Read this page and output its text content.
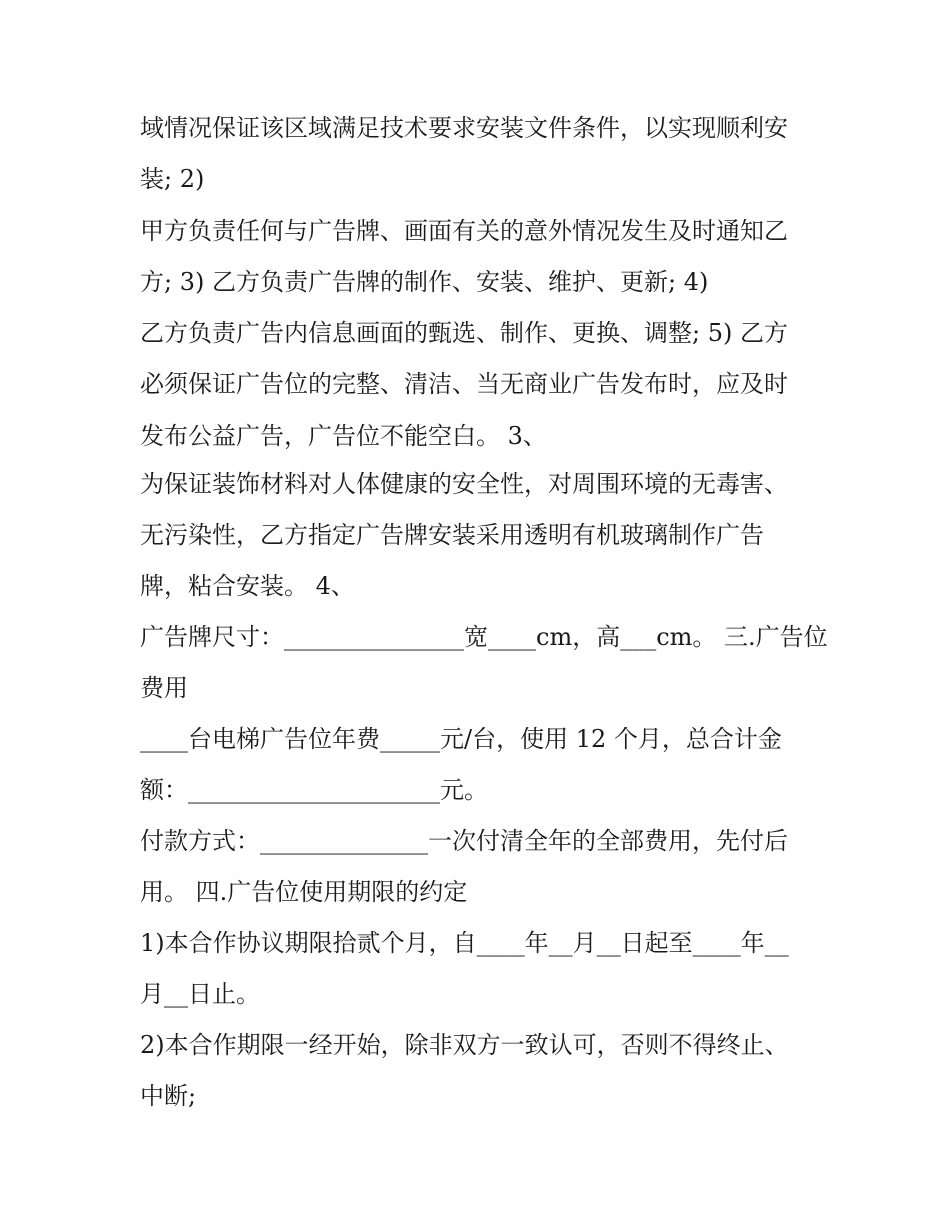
域情况保证该区域满足技术要求安装文件条件，以实现顺利安
装; 2)
甲方负责任何与广告牌、画面有关的意外情况发生及时通知乙
方; 3) 乙方负责广告牌的制作、安装、维护、更新; 4)
乙方负责广告内信息画面的甄选、制作、更换、调整; 5) 乙方
必须保证广告位的完整、清洁、当无商业广告发布时，应及时
发布公益广告，广告位不能空白。 3、
为保证装饰材料对人体健康的安全性，对周围环境的无毒害、
无污染性，乙方指定广告牌安装采用透明有机玻璃制作广告
牌，粘合安装。 4、
广告牌尺寸：_______________宽____cm，高___cm。 三.广告位
费用
____台电梯广告位年费_____元/台，使用 12 个月，总合计金
额：_____________________元。
付款方式：______________一次付清全年的全部费用，先付后
用。 四.广告位使用期限的约定
1)本合作协议期限拾贰个月，自____年__月__日起至____年__
月__日止。
2)本合作期限一经开始，除非双方一致认可，否则不得终止、
中断;
